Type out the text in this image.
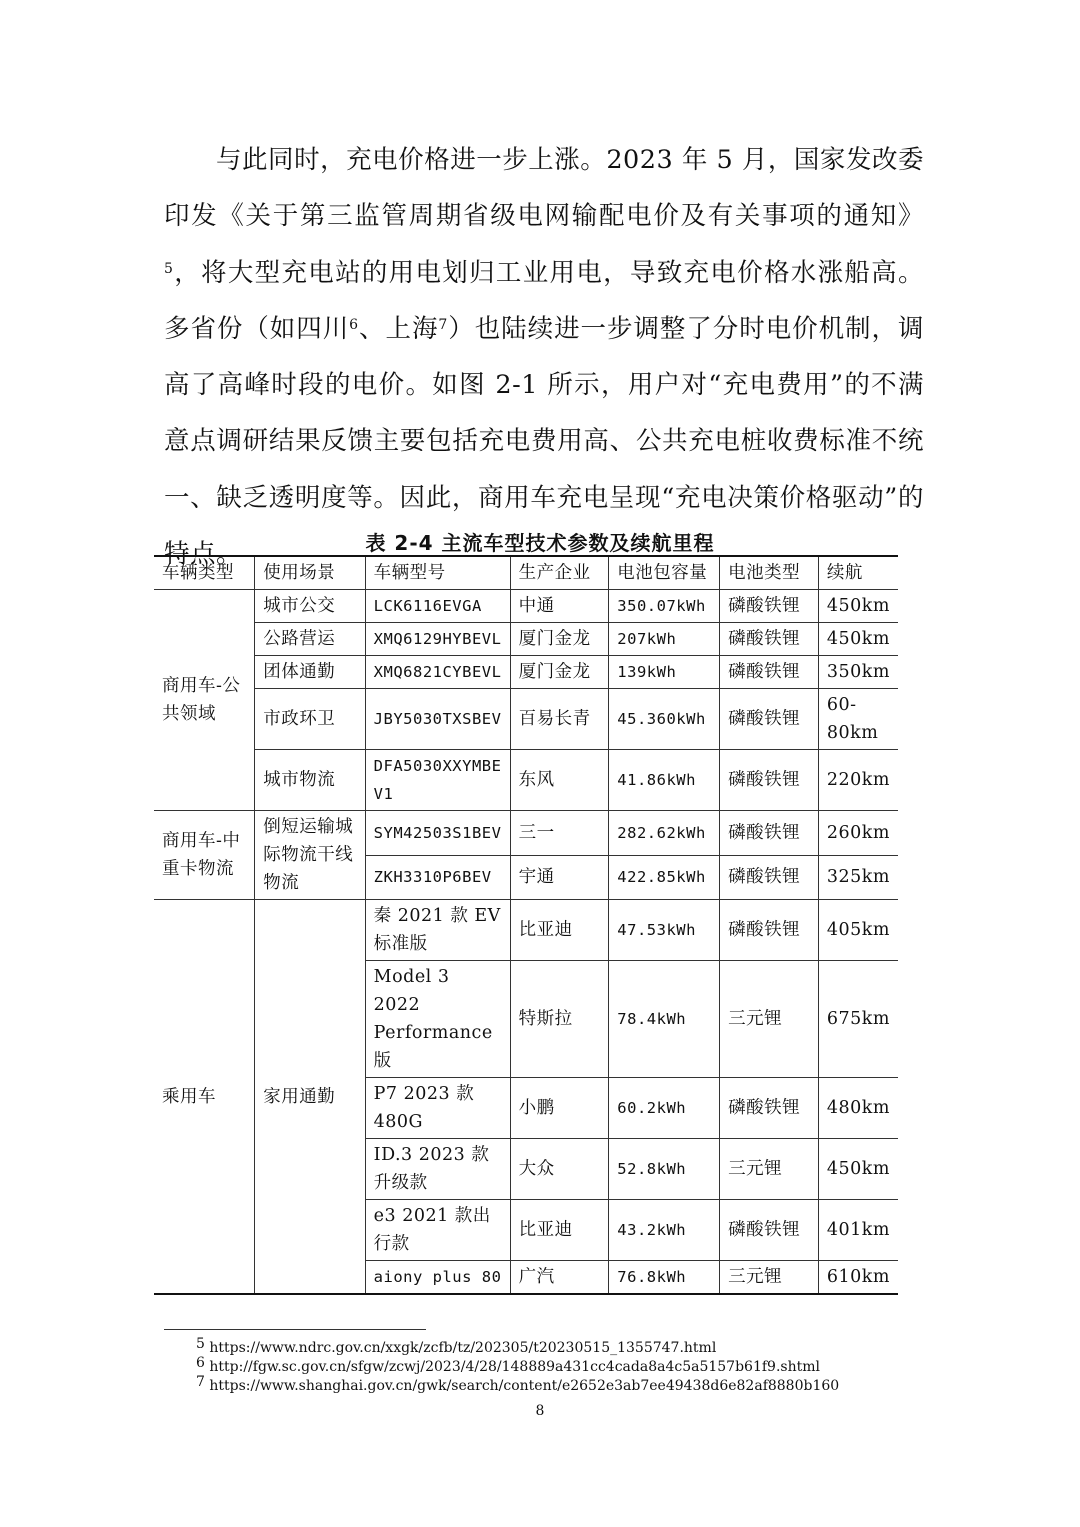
与此同时，充电价格进一步上涨。2023 年 5 月，国家发改委印发《关于第三监管周期省级电网输配电价及有关事项的通知》$^5$，将大型充电站的用电划归工业用电，导致充电价格水涨船高。多省份（如四川$^6$、上海$^7$）也陆续进一步调整了分时电价机制，调高了高峰时段的电价。如图 2-1 所示，用户对“充电费用”的不满意点调研结果反馈主要包括充电费用高、公共充电桩收费标准不统一、缺乏透明度等。因此，商用车充电呈现“充电决策价格驱动”的特点。	表 2-4 主流车型技术参数及续航里程
车辆类型	使用场景	车辆型号	生产企业	电池包容量	电池类型	续航
商用车-公共领域	城市公交	LCK6116EVGA	中通	350.07kWh	磷酸铁锂	450km
	公路营运	XMQ6129HYBEVL	厦门金龙	207kWh	磷酸铁锂	450km
	团体通勤	XMQ6821CYBEVL	厦门金龙	139kWh	磷酸铁锂	350km
	市政环卫	JBY5030TXSBEV	百易长青	45.360kWh	磷酸铁锂	60-80km
	城市物流	DFA5030XXYMBEV1	东风	41.86kWh	磷酸铁锂	220km
商用车-中重卡物流	倒短运输城际物流干线物流	SYM42503S1BEV	三一	282.62kWh	磷酸铁锂	260km
		ZKH3310P6BEV	宇通	422.85kWh	磷酸铁锂	325km
乘用车	家用通勤	秦 2021 款 EV 标准版	比亚迪	47.53kWh	磷酸铁锂	405km
		Model 3 2022 Performance 版	特斯拉	78.4kWh	三元锂	675km
		P7 2023 款 480G	小鹏	60.2kWh	磷酸铁锂	480km
		ID.3 2023 款升级款	大众	52.8kWh	三元锂	450km
		e3 2021 款出行款	比亚迪	43.2kWh	磷酸铁锂	401km
		aiony plus 80	广汽	76.8kWh	三元锂	610km
$^5$ https://www.ndrc.gov.cn/xxgk/zcfb/tz/202305/t20230515_1355747.html
$^6$ http://fgw.sc.gov.cn/sfgw/zcwj/2023/4/28/148889a431cc4cada8a4c5a5157b61f9.shtml
$^7$ https://www.shanghai.gov.cn/gwk/search/content/e2652e3ab7ee49438d6e82af8880b160
8
